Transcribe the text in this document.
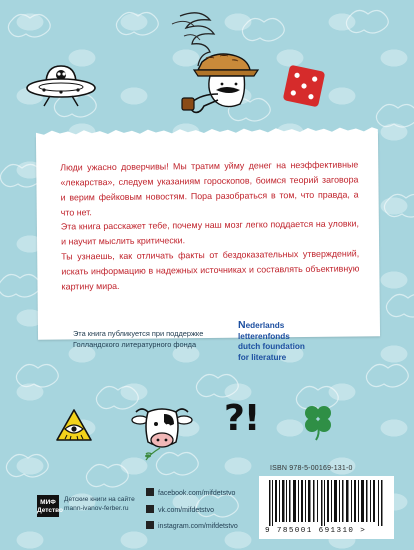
Люди ужасно доверчивы! Мы тратим уйму денег на неэффективные «лекарства», следуем указаниям гороскопов, боимся теорий заговора и верим фейковым новостям. Пора разобраться в том, что правда, а что нет.

Эта книга расскажет тебе, почему наш мозг легко поддается на уловки, и научит мыслить критически.

Ты узнаешь, как отличать факты от бездоказательных утверждений, искать информацию в надежных источниках и составлять объективную картину мира.

Эта книга публикуется при поддержке
Голландского литературного фонда
Nederlands
letterenfonds
dutch foundation
for literature
?!
ISBN 978-5-00169-131-0
9 785001 691310 >
МИФ Детство
Детские книги на сайте
mann-ivanov-ferber.ru
facebook.com/mifdetstvo
vk.com/mifdetstvo
instagram.com/mifdetstvo
